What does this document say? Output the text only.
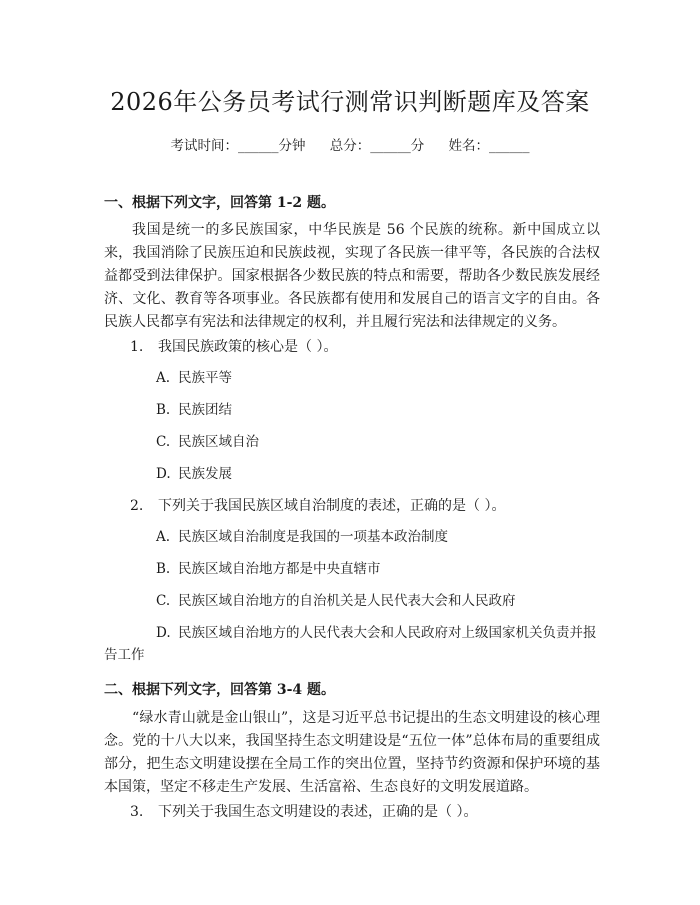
2026年公务员考试行测常识判断题库及答案
考试时间：______分钟 总分：______分 姓名：______

一、根据下列文字，回答第 1-2 题。

我国是统一的多民族国家，中华民族是 56 个民族的统称。新中国成立以来，我国消除了民族压迫和民族歧视，实现了各民族一律平等，各民族的合法权益都受到法律保护。国家根据各少数民族的特点和需要，帮助各少数民族发展经济、文化、教育等各项事业。各民族都有使用和发展自己的语言文字的自由。各民族人民都享有宪法和法律规定的权利，并且履行宪法和法律规定的义务。

1. 我国民族政策的核心是（ ）。

A. 民族平等

B. 民族团结

C. 民族区域自治

D. 民族发展

2. 下列关于我国民族区域自治制度的表述，正确的是（ ）。

A. 民族区域自治制度是我国的一项基本政治制度

B. 民族区域自治地方都是中央直辖市

C. 民族区域自治地方的自治机关是人民代表大会和人民政府

D. 民族区域自治地方的人民代表大会和人民政府对上级国家机关负责并报告工作

二、根据下列文字，回答第 3-4 题。

“绿水青山就是金山银山”，这是习近平总书记提出的生态文明建设的核心理念。党的十八大以来，我国坚持生态文明建设是“五位一体”总体布局的重要组成部分，把生态文明建设摆在全局工作的突出位置，坚持节约资源和保护环境的基本国策，坚定不移走生产发展、生活富裕、生态良好的文明发展道路。

3. 下列关于我国生态文明建设的表述，正确的是（ ）。
